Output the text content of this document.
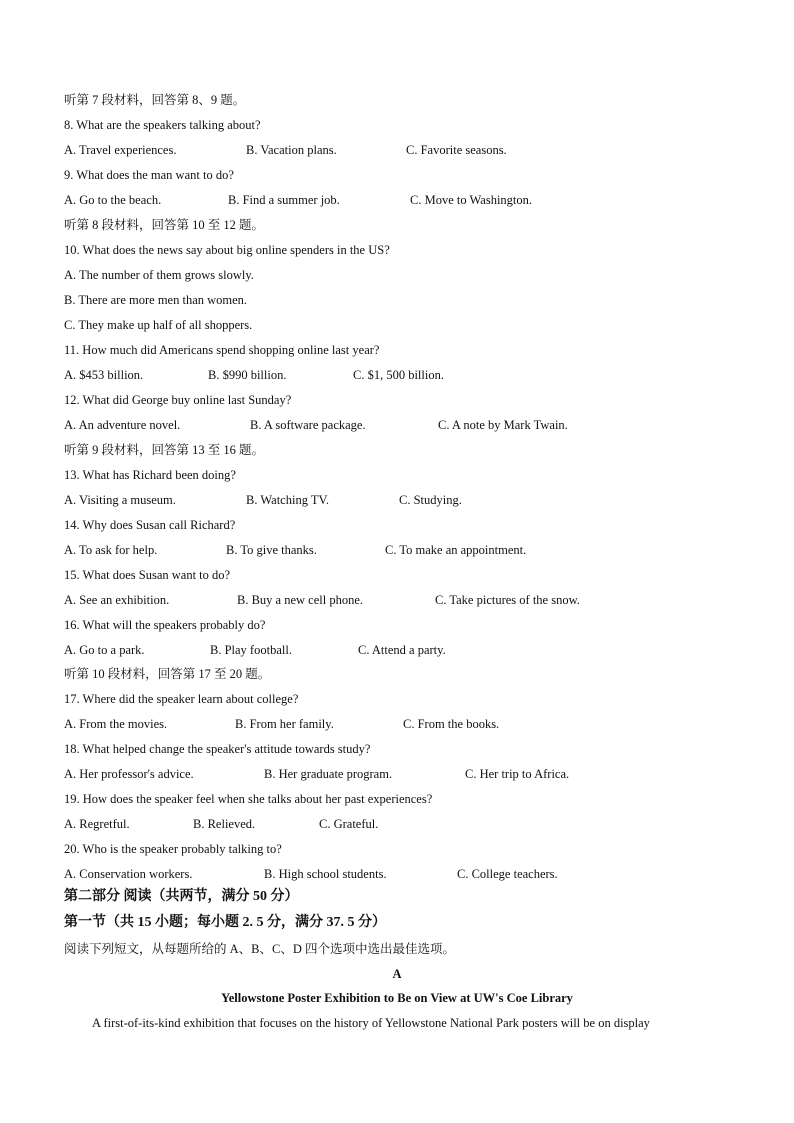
听第 7 段材料，回答第 8、9 题。
8. What are the speakers talking about?
A. Travel experiences.	B. Vacation plans.	C. Favorite seasons.
9. What does the man want to do?
A. Go to the beach.	B. Find a summer job.	C. Move to Washington.
听第 8 段材料，回答第 10 至 12 题。
10. What does the news say about big online spenders in the US?
A. The number of them grows slowly.
B. There are more men than women.
C. They make up half of all shoppers.
11. How much did Americans spend shopping online last year?
A. $453 billion.	B. $990 billion.	C. $1, 500 billion.
12. What did George buy online last Sunday?
A. An adventure novel.	B. A software package.	C. A note by Mark Twain.
听第 9 段材料，回答第 13 至 16 题。
13. What has Richard been doing?
A. Visiting a museum.	B. Watching TV.	C. Studying.
14. Why does Susan call Richard?
A. To ask for help.	B. To give thanks.	C. To make an appointment.
15. What does Susan want to do?
A. See an exhibition.	B. Buy a new cell phone.	C. Take pictures of the snow.
16. What will the speakers probably do?
A. Go to a park.	B. Play football.	C. Attend a party.
听第 10 段材料，回答第 17 至 20 题。
17. Where did the speaker learn about college?
A. From the movies.	B. From her family.	C. From the books.
18. What helped change the speaker's attitude towards study?
A. Her professor's advice.	B. Her graduate program.	C. Her trip to Africa.
19. How does the speaker feel when she talks about her past experiences?
A. Regretful.	B. Relieved.	C. Grateful.
20. Who is the speaker probably talking to?
A. Conservation workers.	B. High school students.	C. College teachers.
第二部分 阅读（共两节，满分 50 分）
第一节（共 15 小题；每小题 2. 5 分，满分 37. 5 分）
阅读下列短文，从每题所给的 A、B、C、D 四个选项中选出最佳选项。
A
Yellowstone Poster Exhibition to Be on View at UW's Coe Library
A first-of-its-kind exhibition that focuses on the history of Yellowstone National Park posters will be on display
